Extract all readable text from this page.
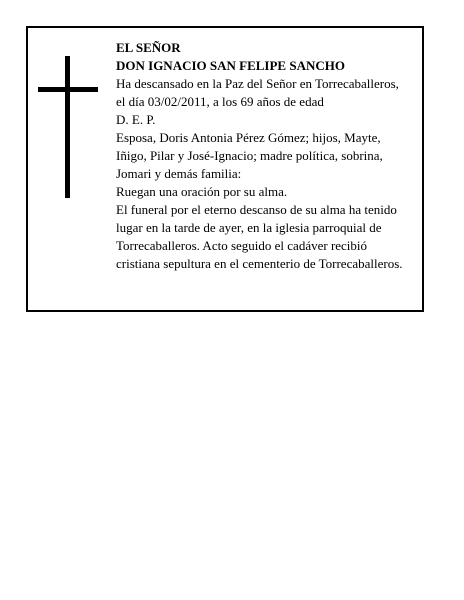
EL SEÑOR
DON IGNACIO SAN FELIPE SANCHO
Ha descansado en la Paz del Señor en Torrecaballeros,
el día 03/02/2011, a los 69 años de edad
D. E. P.
Esposa, Doris Antonia Pérez Gómez; hijos, Mayte,
Iñigo, Pilar y José-Ignacio; madre política, sobrina,
Jomari y demás familia:
Ruegan una oración por su alma.
El funeral por el eterno descanso de su alma ha tenido
lugar en la tarde de ayer, en la iglesia parroquial de
Torrecaballeros. Acto seguido el cadáver recibió
cristiana sepultura en el cementerio de Torrecaballeros.
